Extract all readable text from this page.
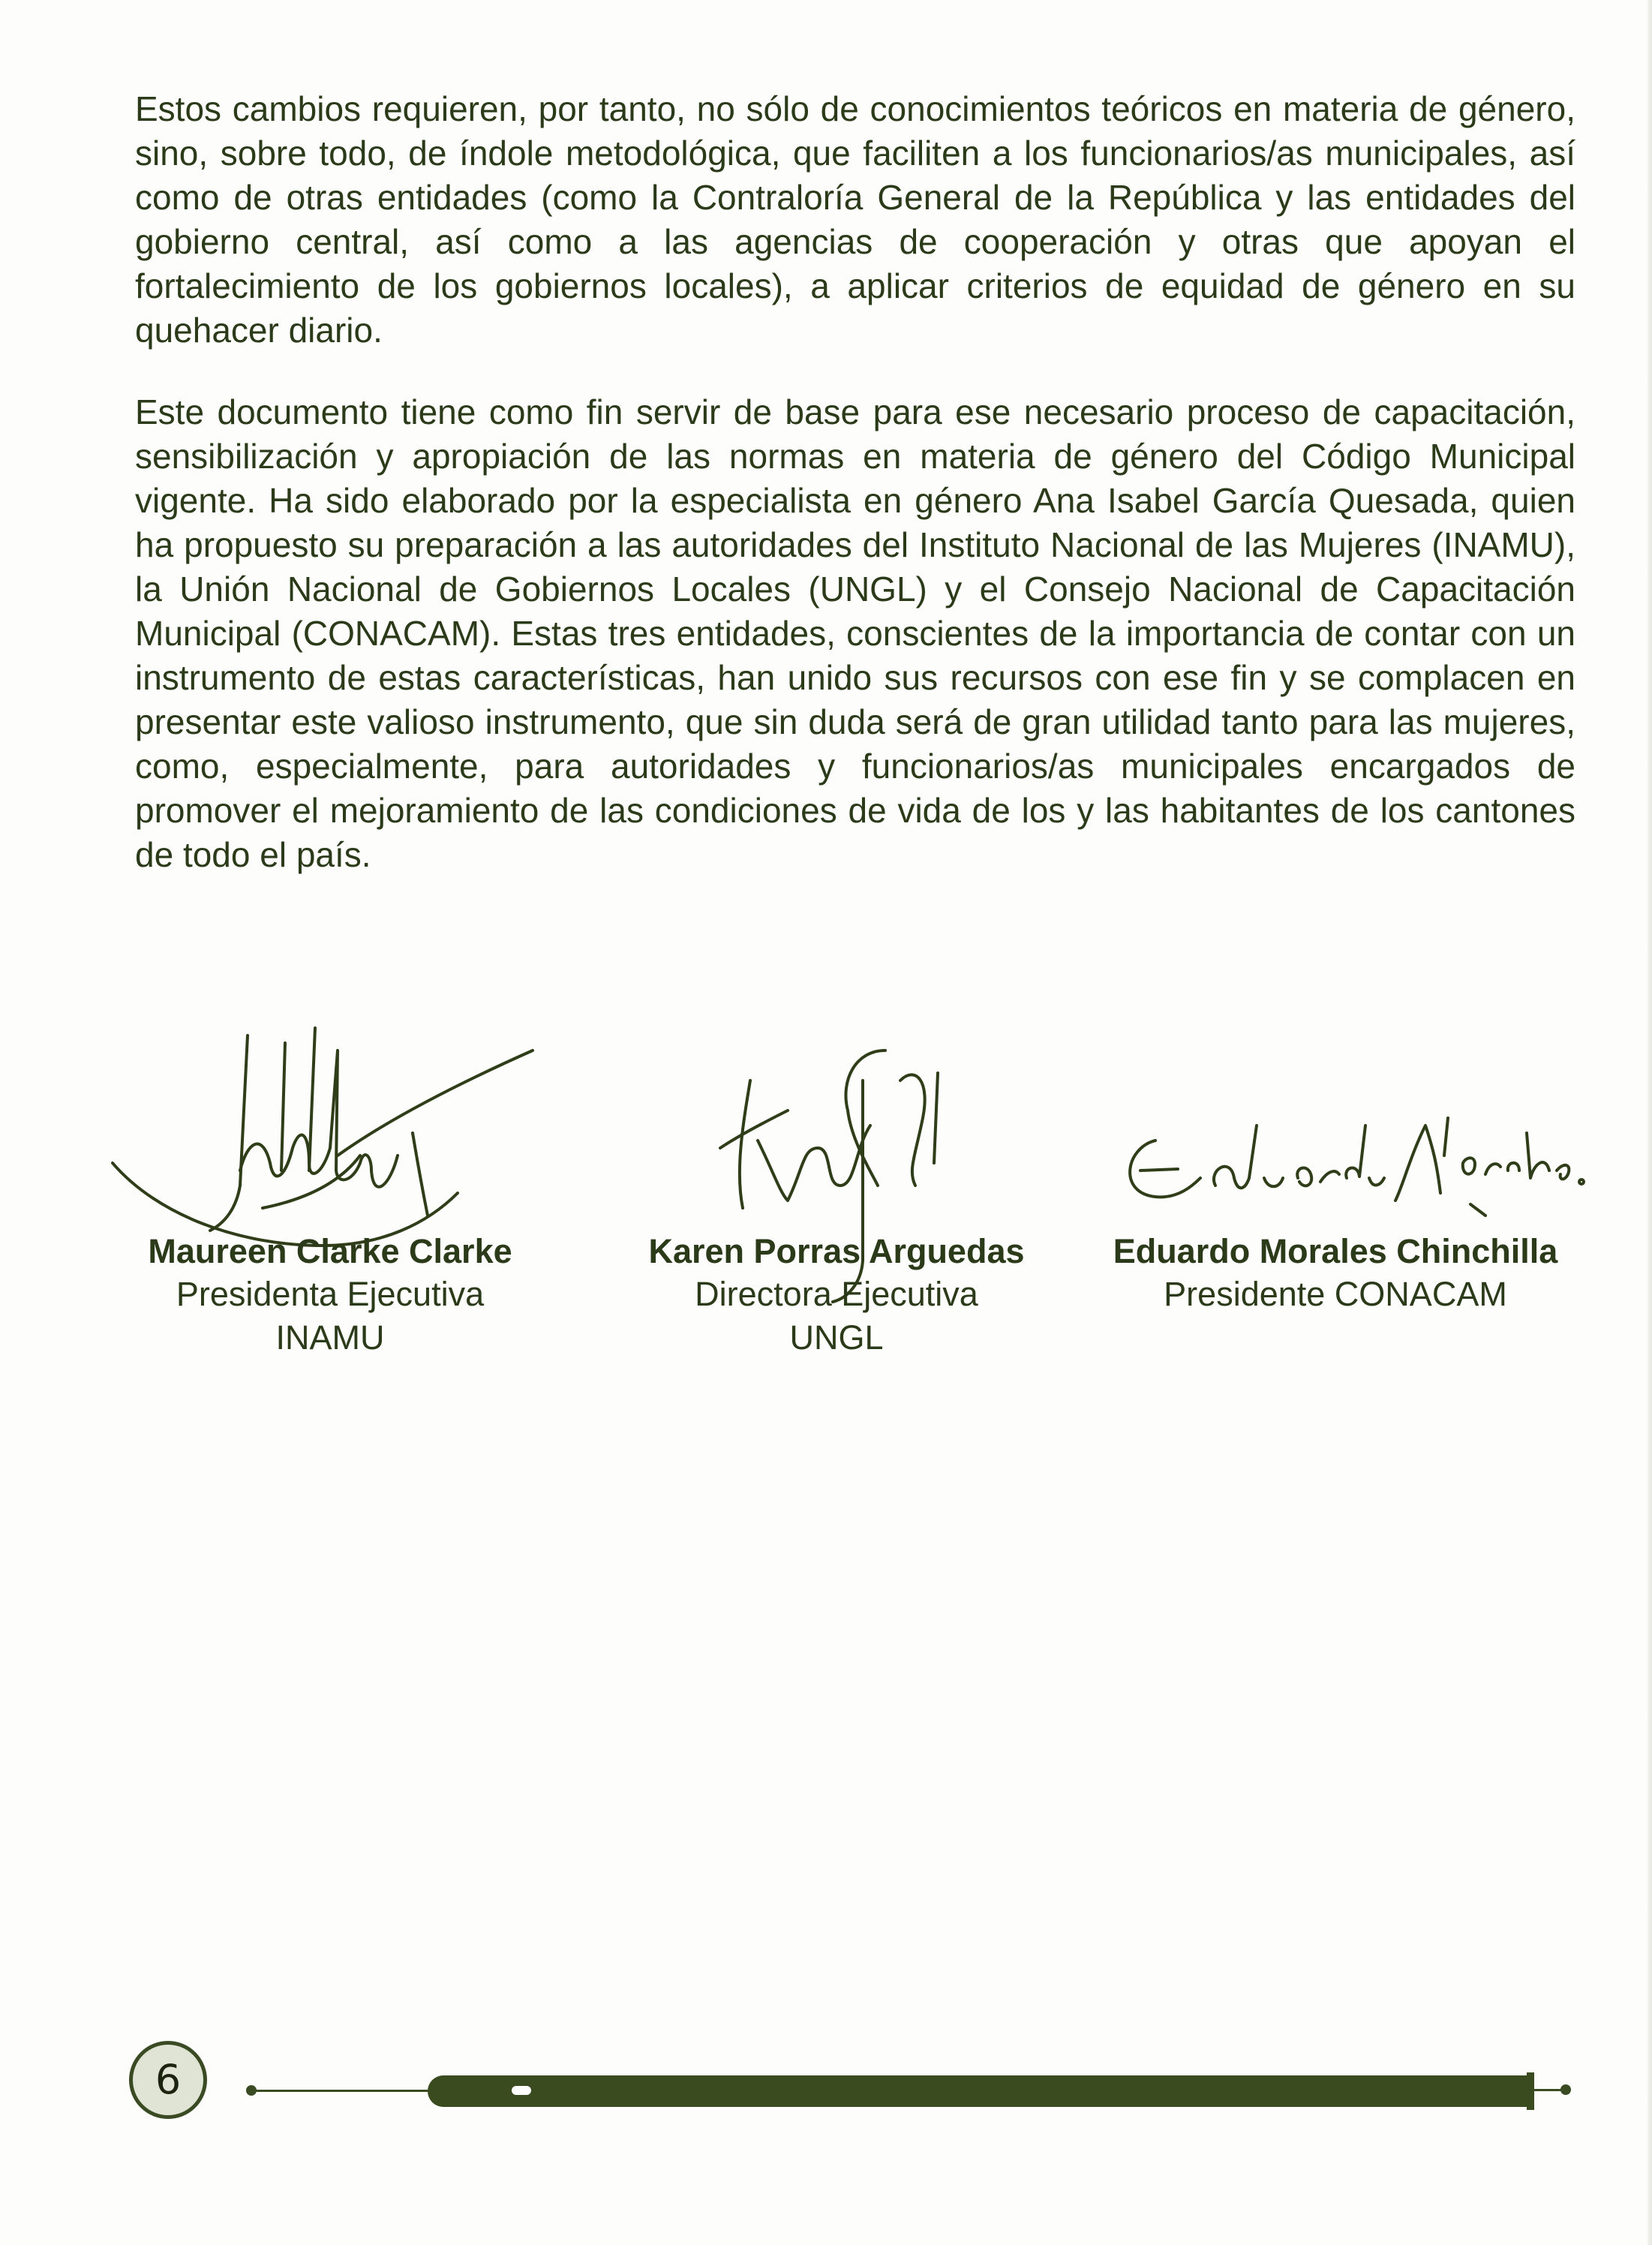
Estos cambios requieren, por tanto, no sólo de conocimientos teóricos en materia de género, sino, sobre todo, de índole metodológica, que faciliten a los funcionarios/as municipales, así como de otras entidades (como la Contraloría General de la República y las entidades del gobierno central, así como a las agencias de cooperación y otras que apoyan el fortalecimiento de los gobiernos locales), a aplicar criterios de equidad de género en su quehacer diario.

Este documento tiene como fin servir de base para ese necesario proceso de capacitación, sensibilización y apropiación de las normas en materia de género del Código Municipal vigente. Ha sido elaborado por la especialista en género Ana Isabel García Quesada, quien ha propuesto su preparación a las autoridades del Instituto Nacional de las Mujeres (INAMU), la Unión Nacional de Gobiernos Locales (UNGL) y el Consejo Nacional de Capacitación Municipal (CONACAM). Estas tres entidades, conscientes de la importancia de contar con un instrumento de estas características, han unido sus recursos con ese fin y se complacen en presentar este valioso instrumento, que sin duda será de gran utilidad tanto para las mujeres, como, especialmente, para autoridades y funcionarios/as municipales encargados de promover el mejoramiento de las condiciones de vida de los y las habitantes de los cantones de todo el país.

Maureen Clarke Clarke
Presidenta Ejecutiva
INAMU
Karen Porras Arguedas
Directora Ejecutiva
UNGL
Eduardo Morales Chinchilla
Presidente CONACAM
6
